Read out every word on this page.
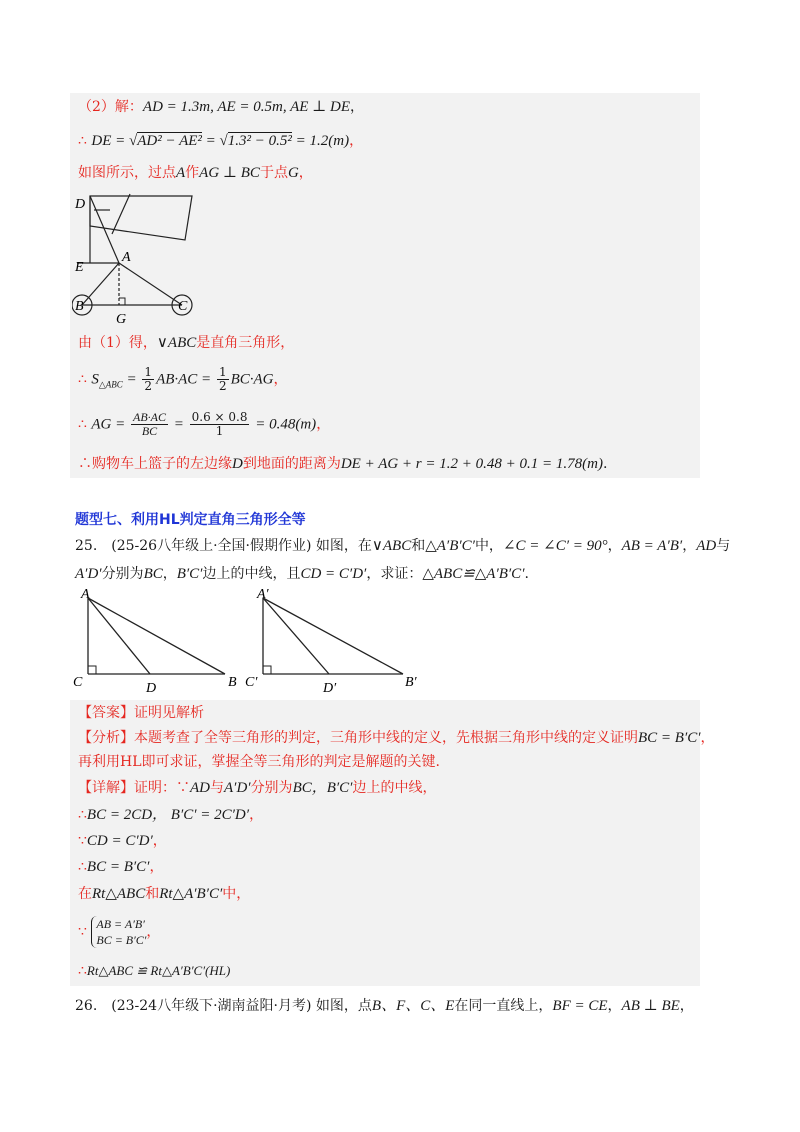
（2）解：AD = 1.3m, AE = 0.5m, AE ⊥ DE，
∴ DE = √AD² − AE² = √1.3² − 0.5² = 1.2(m)，
如图所示，过点A作AG ⊥ BC于点G，
D
E
A
B	C
G
由（1）得，∨ABC是直角三角形，
∴ $S_{\triangle ABC} = \frac{1}{2} AB\cdot AC = \frac{1}{2} BC\cdot AG$，
∴ AG = $\frac{AB\cdot AC}{BC} = \frac{0.6 \times 0.8}{1} = 0.48(m)$，
∴购物车上篮子的左边缘D到地面的距离为DE + AG + r = 1.2 + 0.48 + 0.1 = 1.78(m).
题型七、利用HL判定直角三角形全等
25.　(25-26八年级上·全国·假期作业) 如图，在∨ABC和△A′B′C′中，∠C = ∠C′ = 90°，AB = A′B′，AD与
A′D′分别为BC，B′C′边上的中线，且CD = C′D′，求证：△ABC≌△A′B′C′.
A
C	D	B
A′
C′	D′	B′
【答案】证明见解析
【分析】本题考查了全等三角形的判定，三角形中线的定义，先根据三角形中线的定义证明BC = B′C′，
再利用HL即可求证，掌握全等三角形的判定是解题的关键.
【详解】证明：∵AD与A′D′分别为BC，B′C′边上的中线，
∴BC = 2CD， B′C′ = 2C′D′，
∵CD = C′D′，
∴BC = B′C′，
在Rt△ABC和Rt△A′B′C′中，
∵ AB = A′B′
BC = B′C′ ，
∴Rt△ABC ≌ Rt△A′B′C′(HL)
26.　(23-24八年级下·湖南益阳·月考) 如图，点B、F、C、E在同一直线上，BF = CE，AB ⊥ BE，
